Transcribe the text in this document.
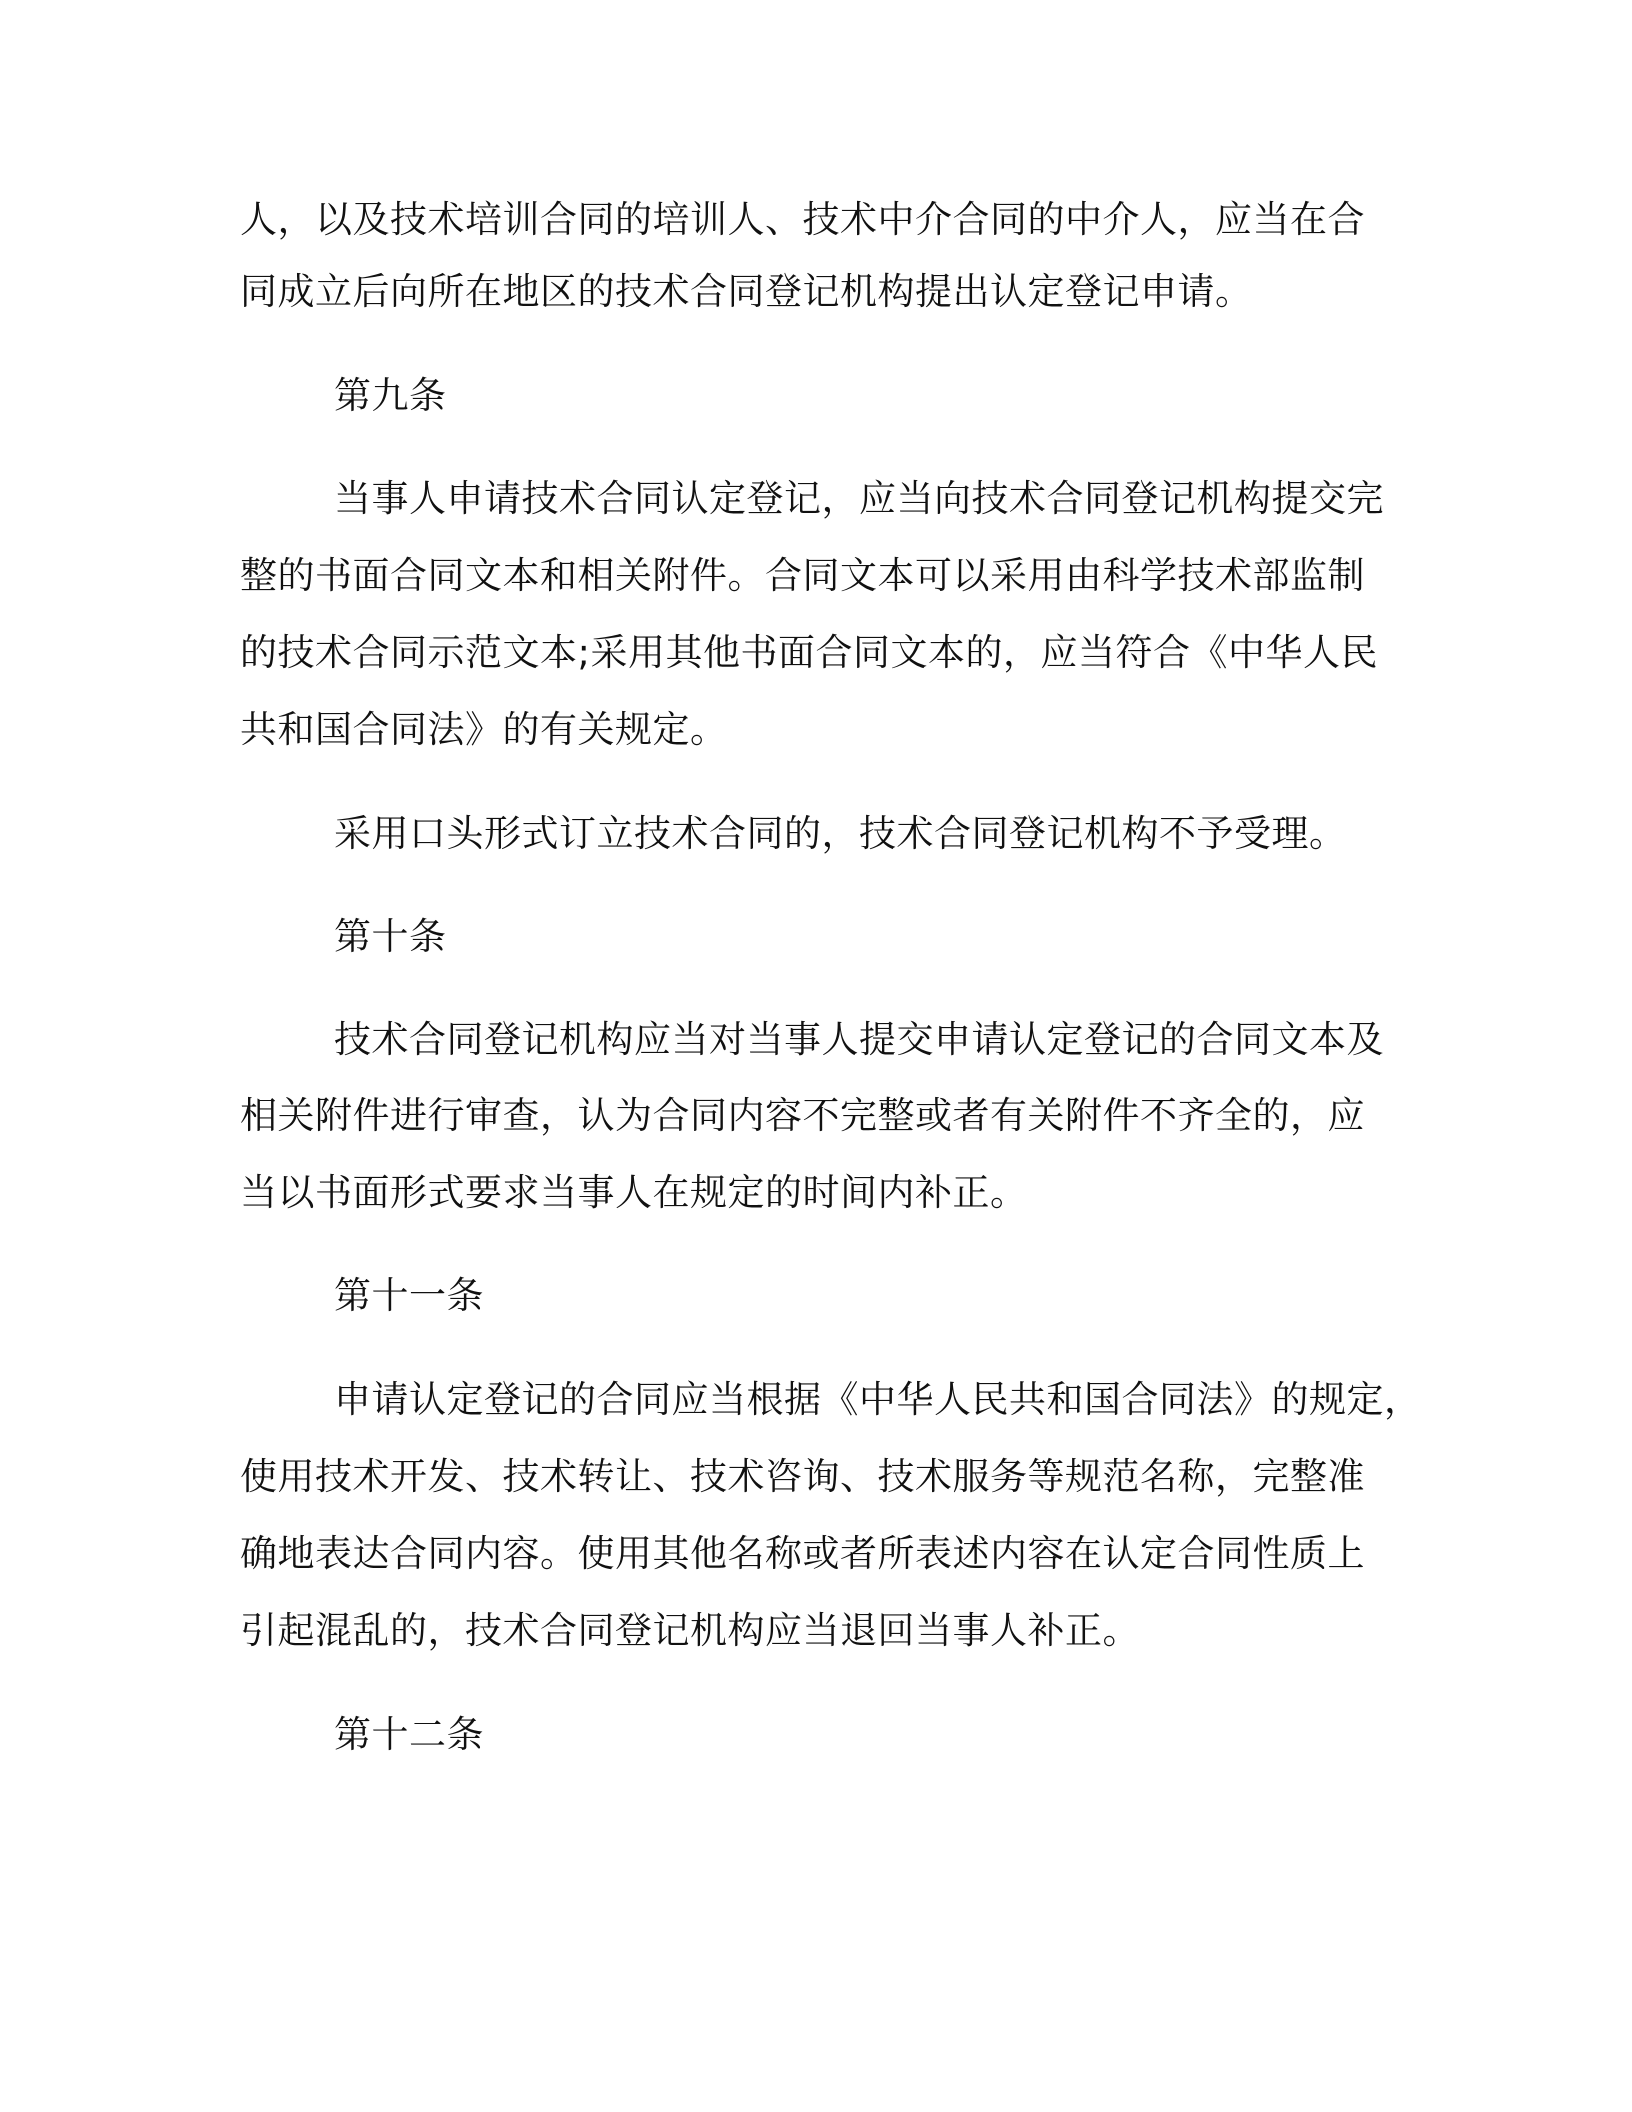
人，以及技术培训合同的培训人、技术中介合同的中介人，应当在合
同成立后向所在地区的技术合同登记机构提出认定登记申请。
第九条
当事人申请技术合同认定登记，应当向技术合同登记机构提交完
整的书面合同文本和相关附件。合同文本可以采用由科学技术部监制
的技术合同示范文本;采用其他书面合同文本的，应当符合《中华人民
共和国合同法》的有关规定。
采用口头形式订立技术合同的，技术合同登记机构不予受理。
第十条
技术合同登记机构应当对当事人提交申请认定登记的合同文本及
相关附件进行审查，认为合同内容不完整或者有关附件不齐全的，应
当以书面形式要求当事人在规定的时间内补正。
第十一条
申请认定登记的合同应当根据《中华人民共和国合同法》的规定，
使用技术开发、技术转让、技术咨询、技术服务等规范名称，完整准
确地表达合同内容。使用其他名称或者所表述内容在认定合同性质上
引起混乱的，技术合同登记机构应当退回当事人补正。
第十二条
